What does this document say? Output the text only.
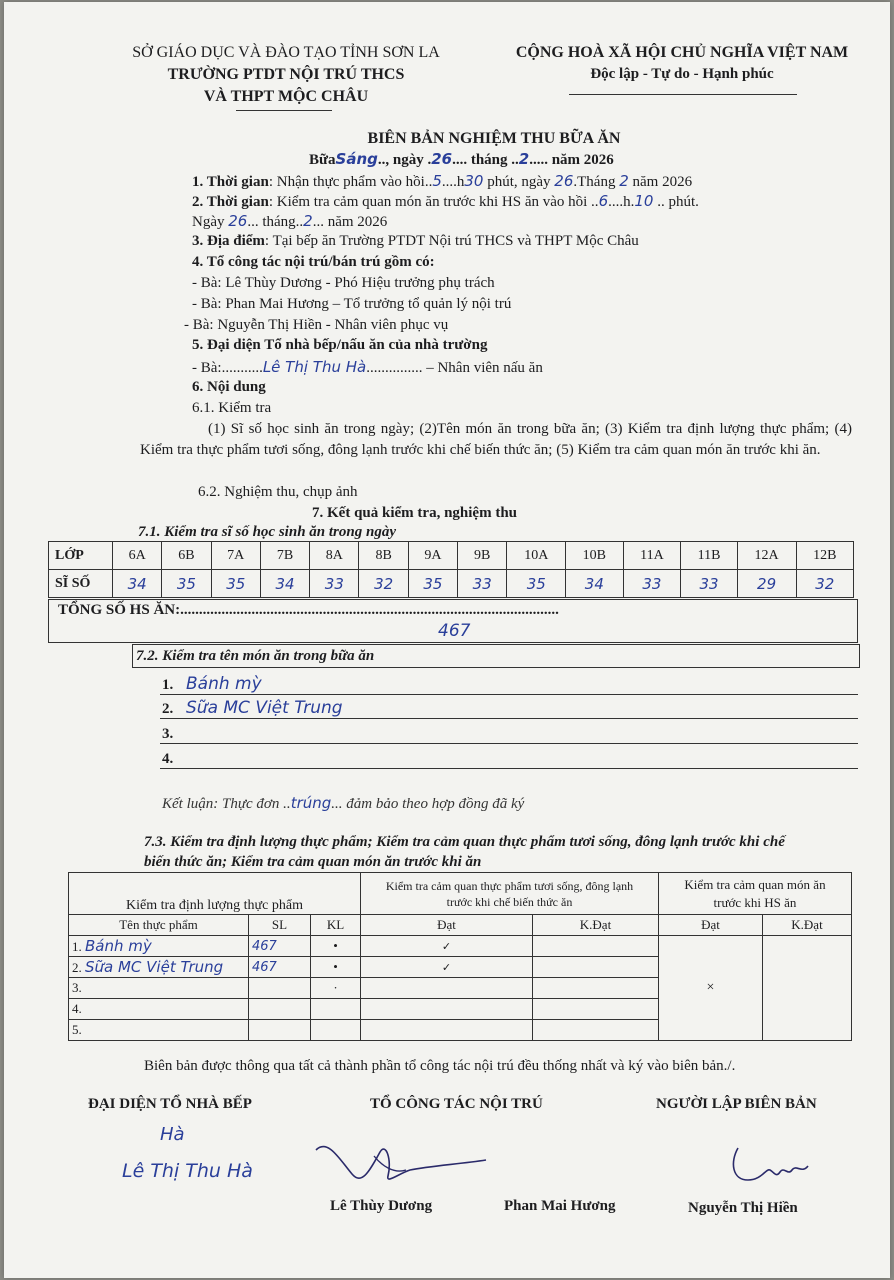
SỞ GIÁO DỤC VÀ ĐÀO TẠO TỈNH SƠN LA
TRƯỜNG PTDT NỘI TRÚ THCS
VÀ THPT MỘC CHÂU
CỘNG HOÀ XÃ HỘI CHỦ NGHĨA VIỆT NAM
Độc lập - Tự do - Hạnh phúc
BIÊN BẢN NGHIỆM THU BỮA ĂN
BữaSáng.., ngày .26.... tháng ..2..... năm 2026
1. Thời gian: Nhận thực phẩm vào hồi..5....h30 phút, ngày 26.Tháng 2 năm 2026
2. Thời gian: Kiểm tra cảm quan món ăn trước khi HS ăn vào hồi ..6....h.10 .. phút.
Ngày 26... tháng..2... năm 2026
3. Địa điểm: Tại bếp ăn Trường PTDT Nội trú THCS và THPT Mộc Châu
4. Tổ công tác nội trú/bán trú gồm có:
- Bà: Lê Thùy Dương - Phó Hiệu trưởng phụ trách
- Bà: Phan Mai Hương – Tổ trưởng tổ quản lý nội trú
- Bà: Nguyễn Thị Hiền - Nhân viên phục vụ
5. Đại diện Tổ nhà bếp/nấu ăn của nhà trường
- Bà:...........Lê Thị Thu Hà............... – Nhân viên nấu ăn
6. Nội dung
6.1. Kiểm tra
(1) Sĩ số học sinh ăn trong ngày; (2)Tên món ăn trong bữa ăn; (3) Kiểm tra định lượng thực phẩm; (4) Kiểm tra thực phẩm tươi sống, đông lạnh trước khi chế biến thức ăn; (5) Kiểm tra cảm quan món ăn trước khi ăn.
6.2. Nghiệm thu, chụp ảnh
7. Kết quả kiểm tra, nghiệm thu
7.1. Kiểm tra sĩ số học sinh ăn trong ngày
LỚP	6A	6B	7A	7B	8A	8B	9A	9B	10A	10B	11A	11B	12A	12B
SĨ SỐ	34	35	35	34	33	32	35	33	35	34	33	33	29	32
TỔNG SỐ HS ĂN:.....................................................................................................
467
7.2. Kiểm tra tên món ăn trong bữa ăn
1. Bánh mỳ
2. Sữa MC Việt Trung
3.
4.
Kết luận: Thực đơn ..trúng... đảm bảo theo hợp đồng đã ký
7.3. Kiểm tra định lượng thực phẩm; Kiểm tra cảm quan thực phẩm tươi sống, đông lạnh trước khi chế
biến thức ăn; Kiểm tra cảm quan món ăn trước khi ăn
Kiểm tra định lượng thực phẩm			Kiểm tra cảm quan thực phẩm tươi sống, đông lạnh trước khi chế biến thức ăn		Kiểm tra cảm quan món ăn trước khi HS ăn	
Tên thực phẩm	SL	KL	Đạt	K.Đạt	Đạt	K.Đạt
1. Bánh mỳ	467	•	✓		×	
2. Sữa MC Việt Trung	467	•	✓			
3.		·				
4.						
5.						
Biên bản được thông qua tất cả thành phần tổ công tác nội trú đều thống nhất và ký vào biên bản./.
ĐẠI DIỆN TỔ NHÀ BẾP	TỔ CÔNG TÁC NỘI TRÚ	NGƯỜI LẬP BIÊN BẢN
Hà
Lê Thị Thu Hà
Lê Thùy Dương	Phan Mai Hương	Nguyễn Thị Hiền
